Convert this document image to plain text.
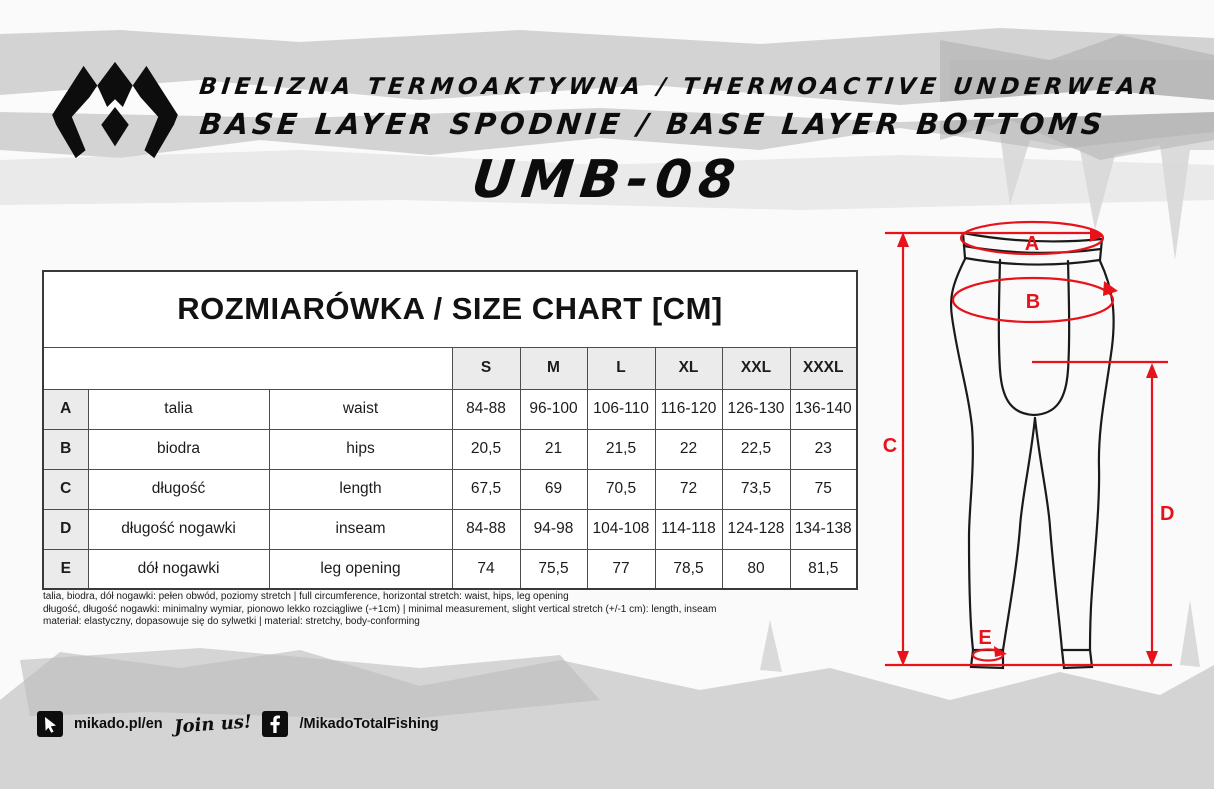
BIELIZNA TERMOAKTYWNA / THERMOACTIVE UNDERWEAR
BASE LAYER SPODNIE / BASE LAYER BOTTOMS
UMB-08
ROZMIARÓWKA / SIZE CHART [CM]								
			S	M	L	XL	XXL	XXXL
A	talia	waist	84-88	96-100	106-110	116-120	126-130	136-140
B	biodra	hips	20,5	21	21,5	22	22,5	23
C	długość	length	67,5	69	70,5	72	73,5	75
D	długość nogawki	inseam	84-88	94-98	104-108	114-118	124-128	134-138
E	dół nogawki	leg opening	74	75,5	77	78,5	80	81,5
talia, biodra, dół nogawki: pełen obwód, poziomy stretch | full circumference, horizontal stretch: waist, hips, leg opening
długość, długość nogawki: minimalny wymiar, pionowo lekko rozciągliwe (-+1cm) | minimal measurement, slight vertical stretch (+/-1 cm): length, inseam
materiał: elastyczny, dopasowuje się do sylwetki | material: stretchy, body-conforming
A
B
C
D
E
mikado.pl/en Join us!	/MikadoTotalFishing
